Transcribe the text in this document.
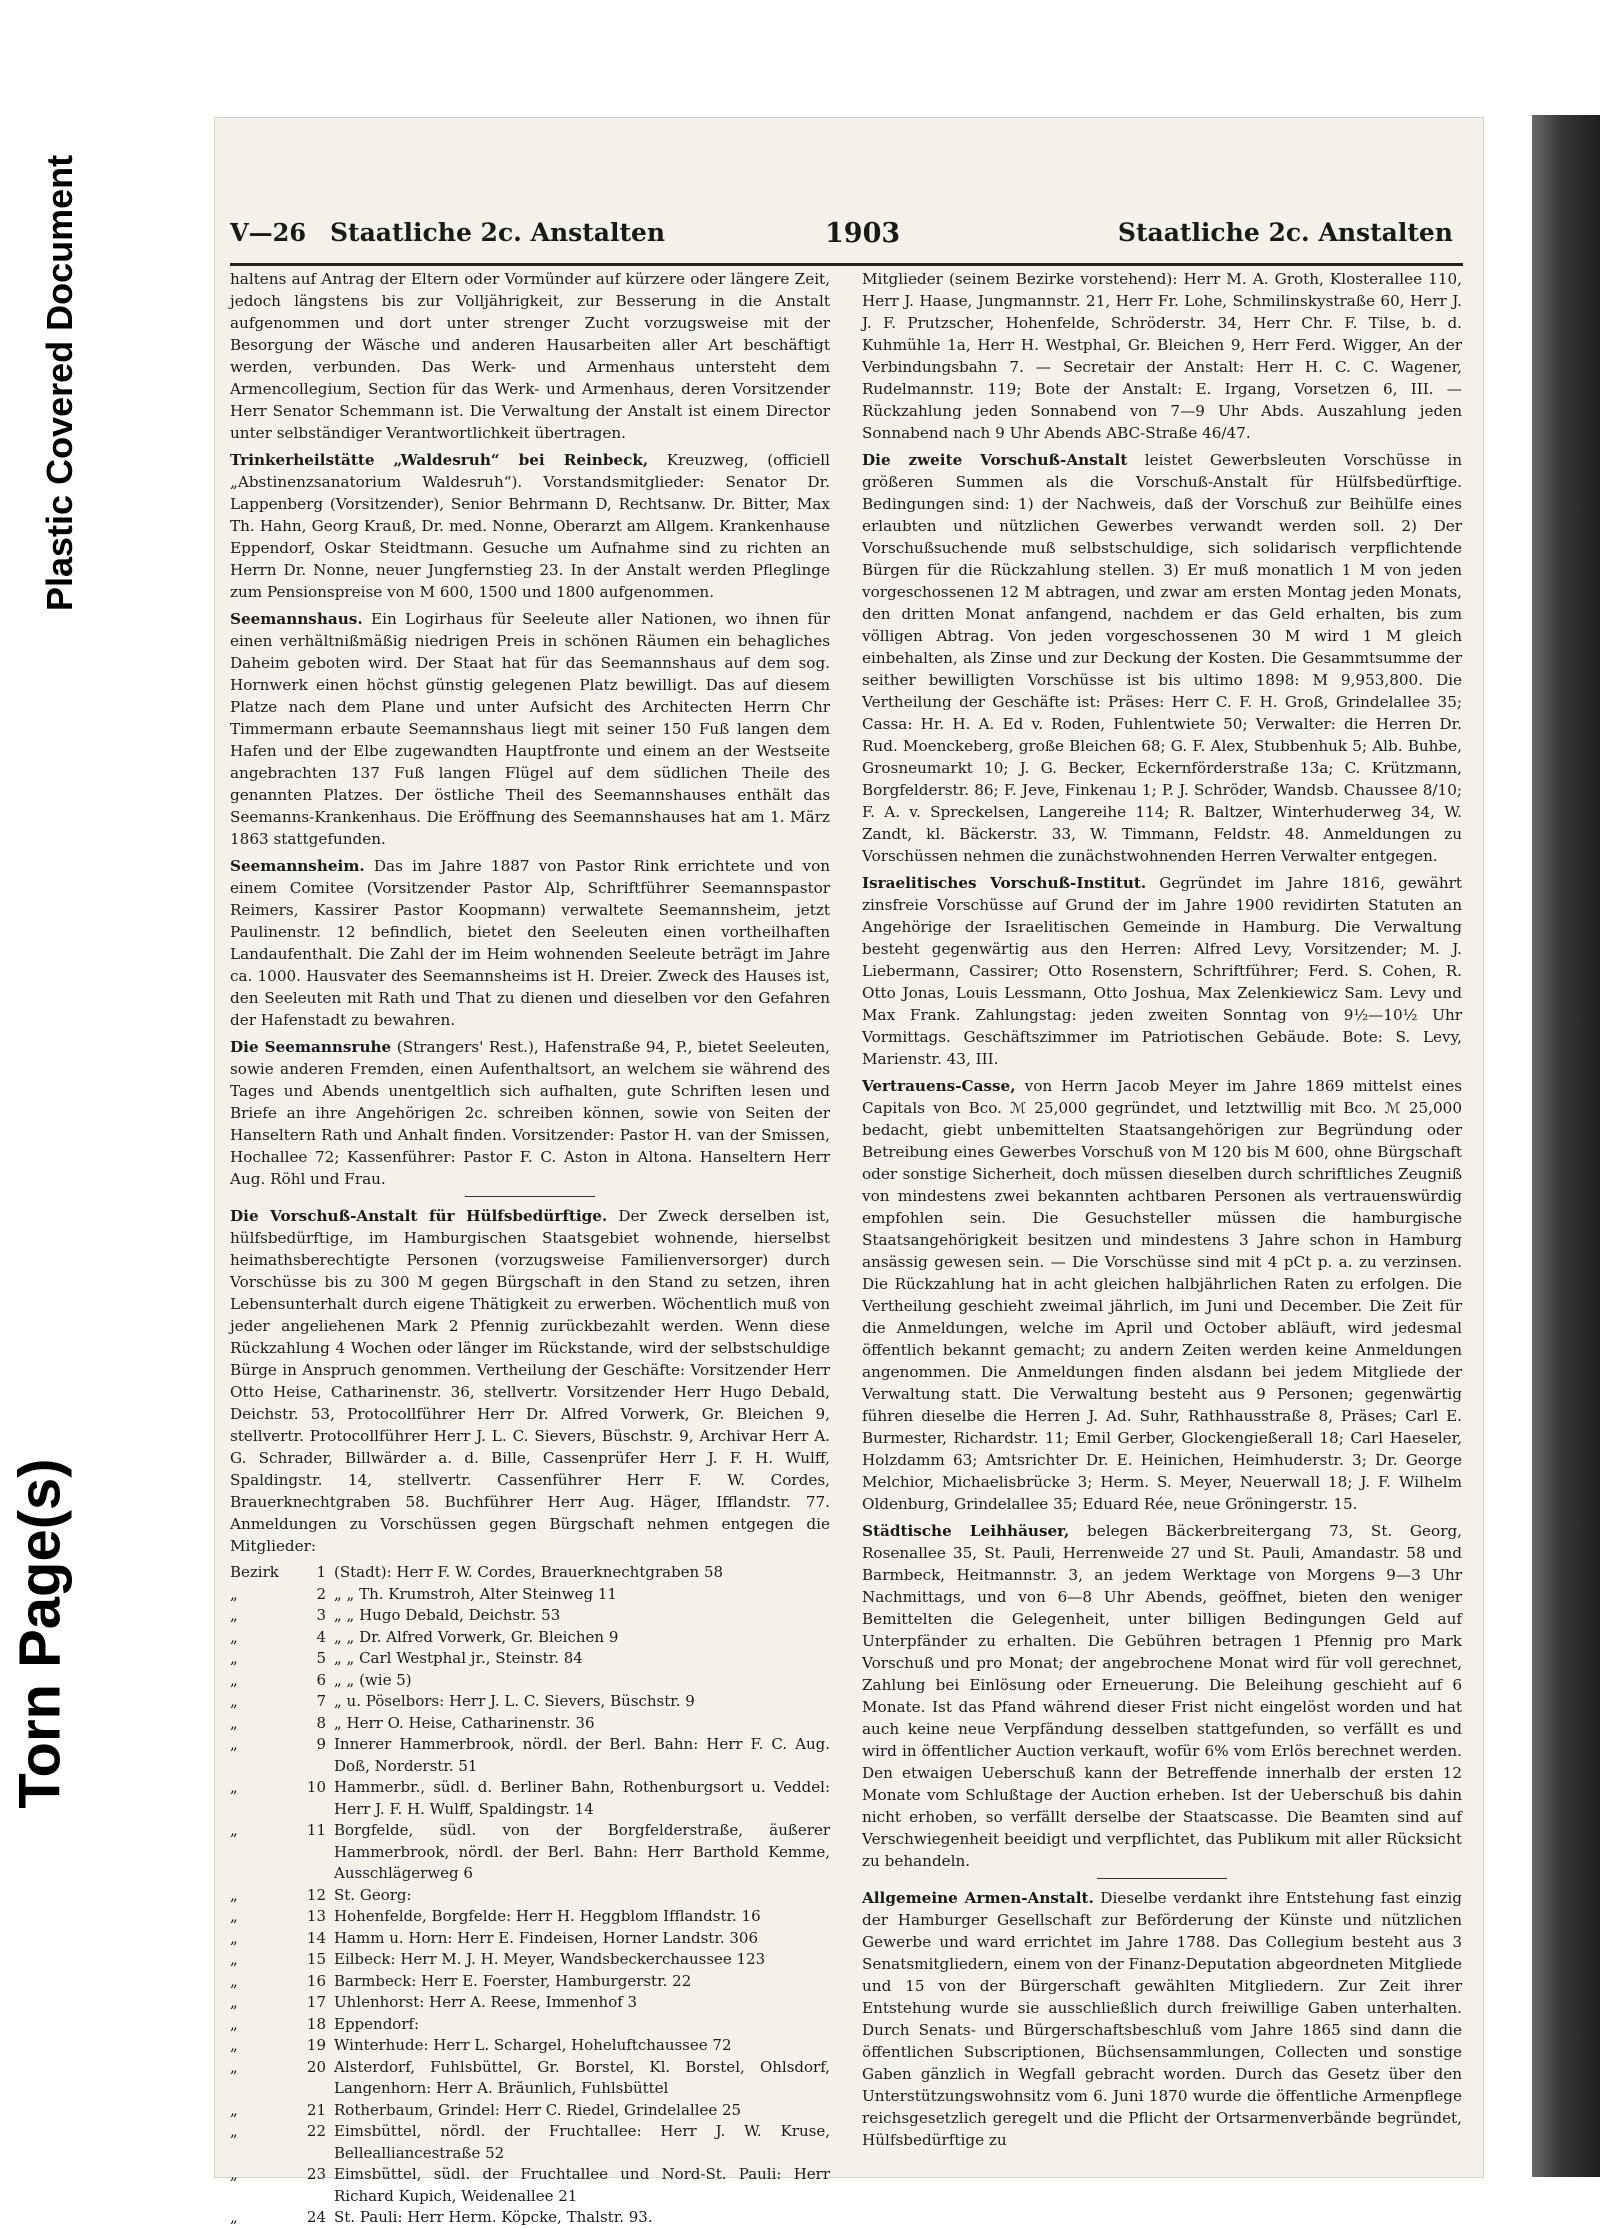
Plastic Covered Document
Torn Page(s)
V—26 Staatliche 2c. Anstalten	1903	Staatliche 2c. Anstalten

haltens auf Antrag der Eltern oder Vormünder auf kürzere oder längere Zeit, jedoch längstens bis zur Volljährigkeit, zur Besserung in die Anstalt aufgenommen und dort unter strenger Zucht vorzugsweise mit der Besorgung der Wäsche und anderen Hausarbeiten aller Art beschäftigt werden, verbunden. Das Werk- und Armenhaus untersteht dem Armencollegium, Section für das Werk- und Armenhaus, deren Vorsitzender Herr Senator Schemmann ist. Die Verwaltung der Anstalt ist einem Director unter selbständiger Verantwortlichkeit übertragen.

Trinkerheilstätte „Waldesruh“ bei Reinbeck, Kreuzweg, (officiell „Abstinenzsanatorium Waldesruh“). Vorstandsmitglieder: Senator Dr. Lappenberg (Vorsitzender), Senior Behrmann D, Rechtsanw. Dr. Bitter, Max Th. Hahn, Georg Krauß, Dr. med. Nonne, Oberarzt am Allgem. Krankenhause Eppendorf, Oskar Steidtmann. Gesuche um Aufnahme sind zu richten an Herrn Dr. Nonne, neuer Jungfernstieg 23. In der Anstalt werden Pfleglinge zum Pensionspreise von M 600, 1500 und 1800 aufgenommen.

Seemannshaus. Ein Logirhaus für Seeleute aller Nationen, wo ihnen für einen verhältnißmäßig niedrigen Preis in schönen Räumen ein behagliches Daheim geboten wird. Der Staat hat für das Seemannshaus auf dem sog. Hornwerk einen höchst günstig gelegenen Platz bewilligt. Das auf diesem Platze nach dem Plane und unter Aufsicht des Architecten Herrn Chr Timmermann erbaute Seemannshaus liegt mit seiner 150 Fuß langen dem Hafen und der Elbe zugewandten Hauptfronte und einem an der Westseite angebrachten 137 Fuß langen Flügel auf dem südlichen Theile des genannten Platzes. Der östliche Theil des Seemannshauses enthält das Seemanns-Krankenhaus. Die Eröffnung des Seemannshauses hat am 1. März 1863 stattgefunden.

Seemannsheim. Das im Jahre 1887 von Pastor Rink errichtete und von einem Comitee (Vorsitzender Pastor Alp, Schriftführer Seemannspastor Reimers, Kassirer Pastor Koopmann) verwaltete Seemannsheim, jetzt Paulinenstr. 12 befindlich, bietet den Seeleuten einen vortheilhaften Landaufenthalt. Die Zahl der im Heim wohnenden Seeleute beträgt im Jahre ca. 1000. Hausvater des Seemannsheims ist H. Dreier. Zweck des Hauses ist, den Seeleuten mit Rath und That zu dienen und dieselben vor den Gefahren der Hafenstadt zu bewahren.

Die Seemannsruhe (Strangers' Rest.), Hafenstraße 94, P., bietet Seeleuten, sowie anderen Fremden, einen Aufenthaltsort, an welchem sie während des Tages und Abends unentgeltlich sich aufhalten, gute Schriften lesen und Briefe an ihre Angehörigen 2c. schreiben können, sowie von Seiten der Hanseltern Rath und Anhalt finden. Vorsitzender: Pastor H. van der Smissen, Hochallee 72; Kassenführer: Pastor F. C. Aston in Altona. Hanseltern Herr Aug. Röhl und Frau.

Die Vorschuß-Anstalt für Hülfsbedürftige. Der Zweck derselben ist, hülfsbedürftige, im Hamburgischen Staatsgebiet wohnende, hierselbst heimathsberechtigte Personen (vorzugsweise Familienversorger) durch Vorschüsse bis zu 300 M gegen Bürgschaft in den Stand zu setzen, ihren Lebensunterhalt durch eigene Thätigkeit zu erwerben. Wöchentlich muß von jeder angeliehenen Mark 2 Pfennig zurückbezahlt werden. Wenn diese Rückzahlung 4 Wochen oder länger im Rückstande, wird der selbstschuldige Bürge in Anspruch genommen. Vertheilung der Geschäfte: Vorsitzender Herr Otto Heise, Catharinenstr. 36, stellvertr. Vorsitzender Herr Hugo Debald, Deichstr. 53, Protocollführer Herr Dr. Alfred Vorwerk, Gr. Bleichen 9, stellvertr. Protocollführer Herr J. L. C. Sievers, Büschstr. 9, Archivar Herr A. G. Schrader, Billwärder a. d. Bille, Cassenprüfer Herr J. F. H. Wulff, Spaldingstr. 14, stellvertr. Cassenführer Herr F. W. Cordes, Brauerknechtgraben 58. Buchführer Herr Aug. Häger, Ifflandstr. 77. Anmeldungen zu Vorschüssen gegen Bürgschaft nehmen entgegen die Mitglieder:

Bezirk	1 (Stadt): Herr F. W. Cordes, Brauerknechtgraben 58
„	2 „ „ Th. Krumstroh, Alter Steinweg 11
„	3 „ „ Hugo Debald, Deichstr. 53
„	4 „ „ Dr. Alfred Vorwerk, Gr. Bleichen 9
„	5 „ „ Carl Westphal jr., Steinstr. 84
„	6 „ „ (wie 5)
„	7 „ u. Pöselbors: Herr J. L. C. Sievers, Büschstr. 9
„	8 „ Herr O. Heise, Catharinenstr. 36
„	9 Innerer Hammerbrook, nördl. der Berl. Bahn: Herr F. C. Aug. Doß, Norderstr. 51
„	10 Hammerbr., südl. d. Berliner Bahn, Rothenburgsort u. Veddel: Herr J. F. H. Wulff, Spaldingstr. 14
„	11 Borgfelde, südl. von der Borgfelderstraße, äußerer Hammerbrook, nördl. der Berl. Bahn: Herr Barthold Kemme, Ausschlägerweg 6
„	12 St. Georg:
„	13 Hohenfelde, Borgfelde: Herr H. Heggblom Ifflandstr. 16
„	14 Hamm u. Horn: Herr E. Findeisen, Horner Landstr. 306
„	15 Eilbeck: Herr M. J. H. Meyer, Wandsbeckerchaussee 123
„	16 Barmbeck: Herr E. Foerster, Hamburgerstr. 22
„	17 Uhlenhorst: Herr A. Reese, Immenhof 3
„	18 Eppendorf:
„	19 Winterhude: Herr L. Schargel, Hoheluftchaussee 72
„	20 Alsterdorf, Fuhlsbüttel, Gr. Borstel, Kl. Borstel, Ohlsdorf, Langenhorn: Herr A. Bräunlich, Fuhlsbüttel
„	21 Rotherbaum, Grindel: Herr C. Riedel, Grindelallee 25
„	22 Eimsbüttel, nördl. der Fruchtallee: Herr J. W. Kruse, Bellealliancestraße 52
„	23 Eimsbüttel, südl. der Fruchtallee und Nord-St. Pauli: Herr Richard Kupich, Weidenallee 21
„	24 St. Pauli: Herr Herm. Köpcke, Thalstr. 93.

Mitglieder (seinem Bezirke vorstehend): Herr M. A. Groth, Klosterallee 110, Herr J. Haase, Jungmannstr. 21, Herr Fr. Lohe, Schmilinskystraße 60, Herr J. J. F. Prutzscher, Hohenfelde, Schröderstr. 34, Herr Chr. F. Tilse, b. d. Kuhmühle 1a, Herr H. Westphal, Gr. Bleichen 9, Herr Ferd. Wigger, An der Verbindungsbahn 7. — Secretair der Anstalt: Herr H. C. C. Wagener, Rudelmannstr. 119; Bote der Anstalt: E. Irgang, Vorsetzen 6, III. — Rückzahlung jeden Sonnabend von 7—9 Uhr Abds. Auszahlung jeden Sonnabend nach 9 Uhr Abends ABC-Straße 46/47.

Die zweite Vorschuß-Anstalt leistet Gewerbsleuten Vorschüsse in größeren Summen als die Vorschuß-Anstalt für Hülfsbedürftige. Bedingungen sind: 1) der Nachweis, daß der Vorschuß zur Beihülfe eines erlaubten und nützlichen Gewerbes verwandt werden soll. 2) Der Vorschußsuchende muß selbstschuldige, sich solidarisch verpflichtende Bürgen für die Rückzahlung stellen. 3) Er muß monatlich 1 M von jeden vorgeschossenen 12 M abtragen, und zwar am ersten Montag jeden Monats, den dritten Monat anfangend, nachdem er das Geld erhalten, bis zum völligen Abtrag. Von jeden vorgeschossenen 30 M wird 1 M gleich einbehalten, als Zinse und zur Deckung der Kosten. Die Gesammtsumme der seither bewilligten Vorschüsse ist bis ultimo 1898: M 9,953,800. Die Vertheilung der Geschäfte ist: Präses: Herr C. F. H. Groß, Grindelallee 35; Cassa: Hr. H. A. Ed v. Roden, Fuhlentwiete 50; Verwalter: die Herren Dr. Rud. Moenckeberg, große Bleichen 68; G. F. Alex, Stubbenhuk 5; Alb. Buhbe, Grosneumarkt 10; J. G. Becker, Eckernförderstraße 13a; C. Krützmann, Borgfelderstr. 86; F. Jeve, Finkenau 1; P. J. Schröder, Wandsb. Chaussee 8/10; F. A. v. Spreckelsen, Langereihe 114; R. Baltzer, Winterhuderweg 34, W. Zandt, kl. Bäckerstr. 33, W. Timmann, Feldstr. 48. Anmeldungen zu Vorschüssen nehmen die zunächstwohnenden Herren Verwalter entgegen.

Israelitisches Vorschuß-Institut. Gegründet im Jahre 1816, gewährt zinsfreie Vorschüsse auf Grund der im Jahre 1900 revidirten Statuten an Angehörige der Israelitischen Gemeinde in Hamburg. Die Verwaltung besteht gegenwärtig aus den Herren: Alfred Levy, Vorsitzender; M. J. Liebermann, Cassirer; Otto Rosenstern, Schriftführer; Ferd. S. Cohen, R. Otto Jonas, Louis Lessmann, Otto Joshua, Max Zelenkiewicz Sam. Levy und Max Frank. Zahlungstag: jeden zweiten Sonntag von 9½—10½ Uhr Vormittags. Geschäftszimmer im Patriotischen Gebäude. Bote: S. Levy, Marienstr. 43, III.

Vertrauens-Casse, von Herrn Jacob Meyer im Jahre 1869 mittelst eines Capitals von Bco. ℳ 25,000 gegründet, und letztwillig mit Bco. ℳ 25,000 bedacht, giebt unbemittelten Staatsangehörigen zur Begründung oder Betreibung eines Gewerbes Vorschuß von M 120 bis M 600, ohne Bürgschaft oder sonstige Sicherheit, doch müssen dieselben durch schriftliches Zeugniß von mindestens zwei bekannten achtbaren Personen als vertrauenswürdig empfohlen sein. Die Gesuchsteller müssen die hamburgische Staatsangehörigkeit besitzen und mindestens 3 Jahre schon in Hamburg ansässig gewesen sein. — Die Vorschüsse sind mit 4 pCt p. a. zu verzinsen. Die Rückzahlung hat in acht gleichen halbjährlichen Raten zu erfolgen. Die Vertheilung geschieht zweimal jährlich, im Juni und December. Die Zeit für die Anmeldungen, welche im April und October abläuft, wird jedesmal öffentlich bekannt gemacht; zu andern Zeiten werden keine Anmeldungen angenommen. Die Anmeldungen finden alsdann bei jedem Mitgliede der Verwaltung statt. Die Verwaltung besteht aus 9 Personen; gegenwärtig führen dieselbe die Herren J. Ad. Suhr, Rathhausstraße 8, Präses; Carl E. Burmester, Richardstr. 11; Emil Gerber, Glockengießerall 18; Carl Haeseler, Holzdamm 63; Amtsrichter Dr. E. Heinichen, Heimhuderstr. 3; Dr. George Melchior, Michaelisbrücke 3; Herm. S. Meyer, Neuerwall 18; J. F. Wilhelm Oldenburg, Grindelallee 35; Eduard Rée, neue Gröningerstr. 15.

Städtische Leihhäuser, belegen Bäckerbreitergang 73, St. Georg, Rosenallee 35, St. Pauli, Herrenweide 27 und St. Pauli, Amandastr. 58 und Barmbeck, Heitmannstr. 3, an jedem Werktage von Morgens 9—3 Uhr Nachmittags, und von 6—8 Uhr Abends, geöffnet, bieten den weniger Bemittelten die Gelegenheit, unter billigen Bedingungen Geld auf Unterpfänder zu erhalten. Die Gebühren betragen 1 Pfennig pro Mark Vorschuß und pro Monat; der angebrochene Monat wird für voll gerechnet, Zahlung bei Einlösung oder Erneuerung. Die Beleihung geschieht auf 6 Monate. Ist das Pfand während dieser Frist nicht eingelöst worden und hat auch keine neue Verpfändung desselben stattgefunden, so verfällt es und wird in öffentlicher Auction verkauft, wofür 6% vom Erlös berechnet werden. Den etwaigen Ueberschuß kann der Betreffende innerhalb der ersten 12 Monate vom Schlußtage der Auction erheben. Ist der Ueberschuß bis dahin nicht erhoben, so verfällt derselbe der Staatscasse. Die Beamten sind auf Verschwiegenheit beeidigt und verpflichtet, das Publikum mit aller Rücksicht zu behandeln.

Allgemeine Armen-Anstalt. Dieselbe verdankt ihre Entstehung fast einzig der Hamburger Gesellschaft zur Beförderung der Künste und nützlichen Gewerbe und ward errichtet im Jahre 1788. Das Collegium besteht aus 3 Senatsmitgliedern, einem von der Finanz-Deputation abgeordneten Mitgliede und 15 von der Bürgerschaft gewählten Mitgliedern. Zur Zeit ihrer Entstehung wurde sie ausschließlich durch freiwillige Gaben unterhalten. Durch Senats- und Bürgerschaftsbeschluß vom Jahre 1865 sind dann die öffentlichen Subscriptionen, Büchsensammlungen, Collecten und sonstige Gaben gänzlich in Wegfall gebracht worden. Durch das Gesetz über den Unterstützungswohnsitz vom 6. Juni 1870 wurde die öffentliche Armenpflege reichsgesetzlich geregelt und die Pflicht der Ortsarmenverbände begründet, Hülfsbedürftige zu
